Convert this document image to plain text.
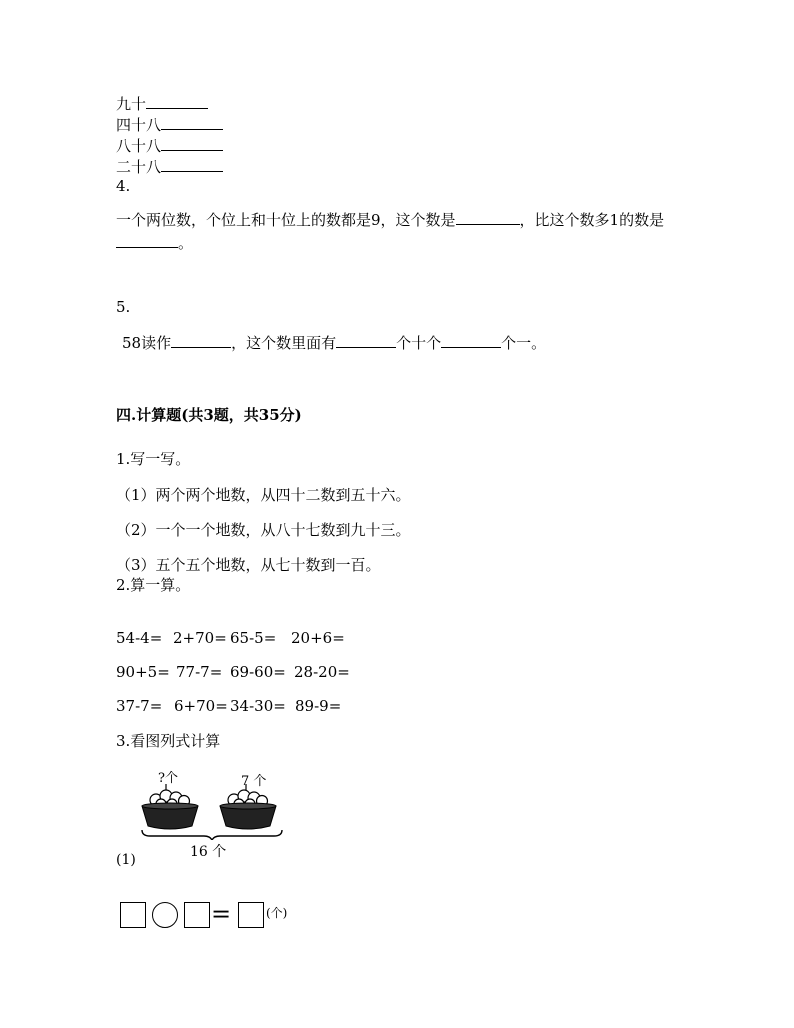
九十
四十八
八十八
二十八
4.
一个两位数，个位上和十位上的数都是9，这个数是	，比这个数多1的数是
。
5.
58读作	，这个数里面有	个十个	个一。
四.计算题(共3题，共35分)
1.写一写。
（1）两个两个地数，从四十二数到五十六。
（2）一个一个地数，从八十七数到九十三。
（3）五个五个地数，从七十数到一百。
2.算一算。
54-4= 2+70= 65-5= 20+6=
90+5= 77-7= 69-60= 28-20=
37-7= 6+70= 34-30= 89-9=
3.看图列式计算
?个	7 个
16 个
(1)
=	(个)
